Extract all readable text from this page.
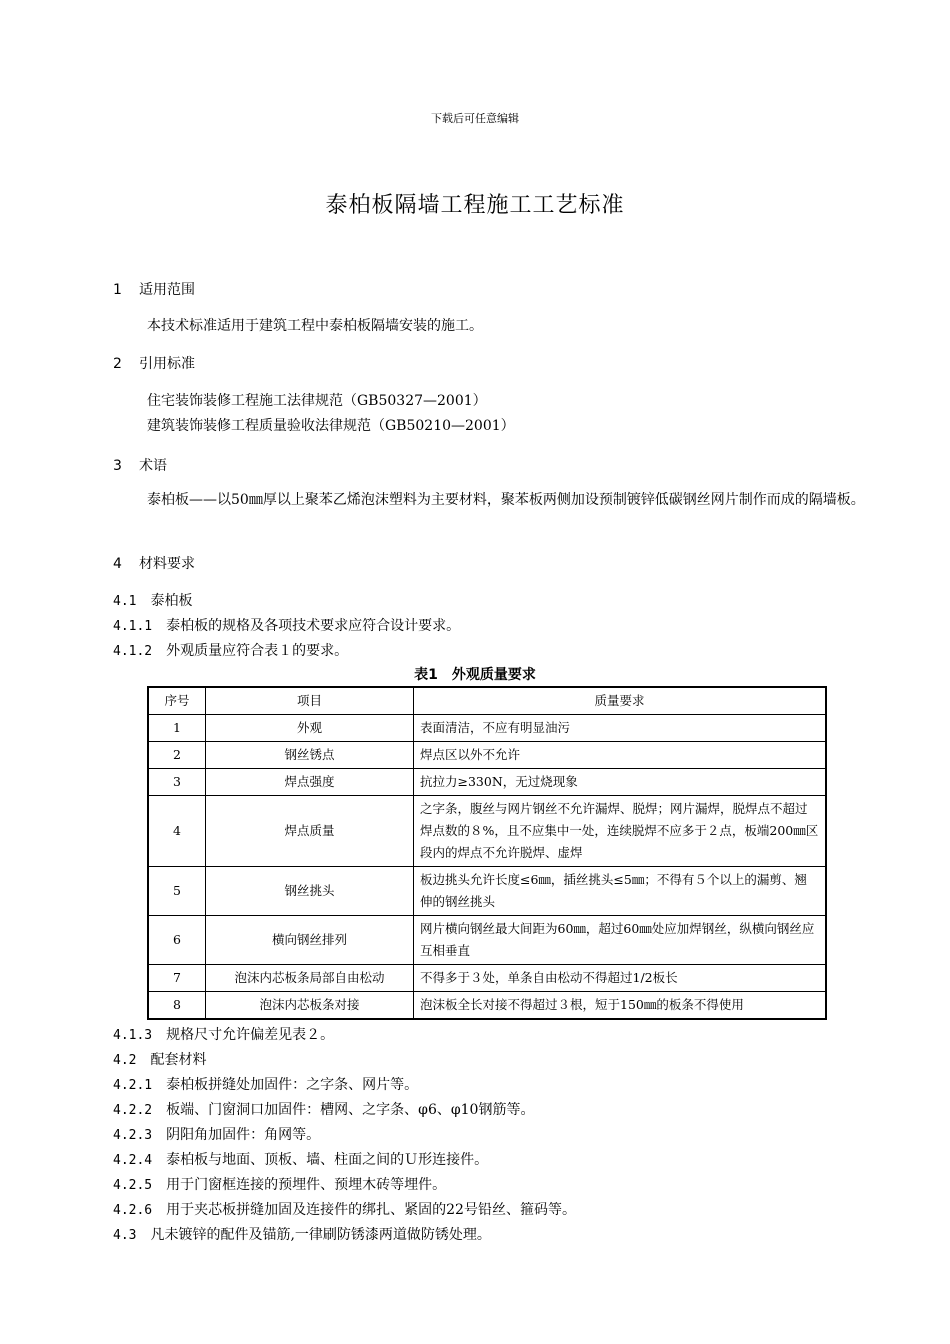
下载后可任意编辑
泰柏板隔墙工程施工工艺标准
1 适用范围
本技术标准适用于建筑工程中泰柏板隔墙安装的施工。
2 引用标准
住宅装饰装修工程施工法律规范（GB50327—2001）
建筑装饰装修工程质量验收法律规范（GB50210—2001）
3 术语
泰柏板——以50㎜厚以上聚苯乙烯泡沫塑料为主要材料，聚苯板两侧加设预制镀锌低碳钢丝网片制作而成的隔墙板。
4 材料要求
4.1　 泰柏板
4.1.1　 泰柏板的规格及各项技术要求应符合设计要求。
4.1.2　 外观质量应符合表１的要求。
表1　外观质量要求
序号	项目	质量要求
1	外观	表面清洁，不应有明显油污
2	钢丝锈点	焊点区以外不允许
3	焊点强度	抗拉力≥330N，无过烧现象
4	焊点质量	之字条，腹丝与网片钢丝不允许漏焊、脱焊；网片漏焊，脱焊点不超过焊点数的８%，且不应集中一处，连续脱焊不应多于２点，板端200㎜区段内的焊点不允许脱焊、虚焊
5	钢丝挑头	板边挑头允许长度≤6㎜，插丝挑头≤5㎜；不得有５个以上的漏剪、翘伸的钢丝挑头
6	横向钢丝排列	网片横向钢丝最大间距为60㎜，超过60㎜处应加焊钢丝，纵横向钢丝应互相垂直
7	泡沫内芯板条局部自由松动	不得多于３处，单条自由松动不得超过1/2板长
8	泡沫内芯板条对接	泡沫板全长对接不得超过３根，短于150㎜的板条不得使用
4.1.3　 规格尺寸允许偏差见表２。
4.2　 配套材料
4.2.1　 泰柏板拼缝处加固件：之字条、网片等。
4.2.2　 板端、门窗洞口加固件：槽网、之字条、φ6、φ10钢筋等。
4.2.3　 阴阳角加固件：角网等。
4.2.4　 泰柏板与地面、顶板、墙、柱面之间的Ｕ形连接件。
4.2.5　 用于门窗框连接的预埋件、预埋木砖等埋件。
4.2.6　 用于夹芯板拼缝加固及连接件的绑扎、紧固的22号铅丝、箍码等。
4.3　 凡未镀锌的配件及锚筋,一律刷防锈漆两道做防锈处理。
